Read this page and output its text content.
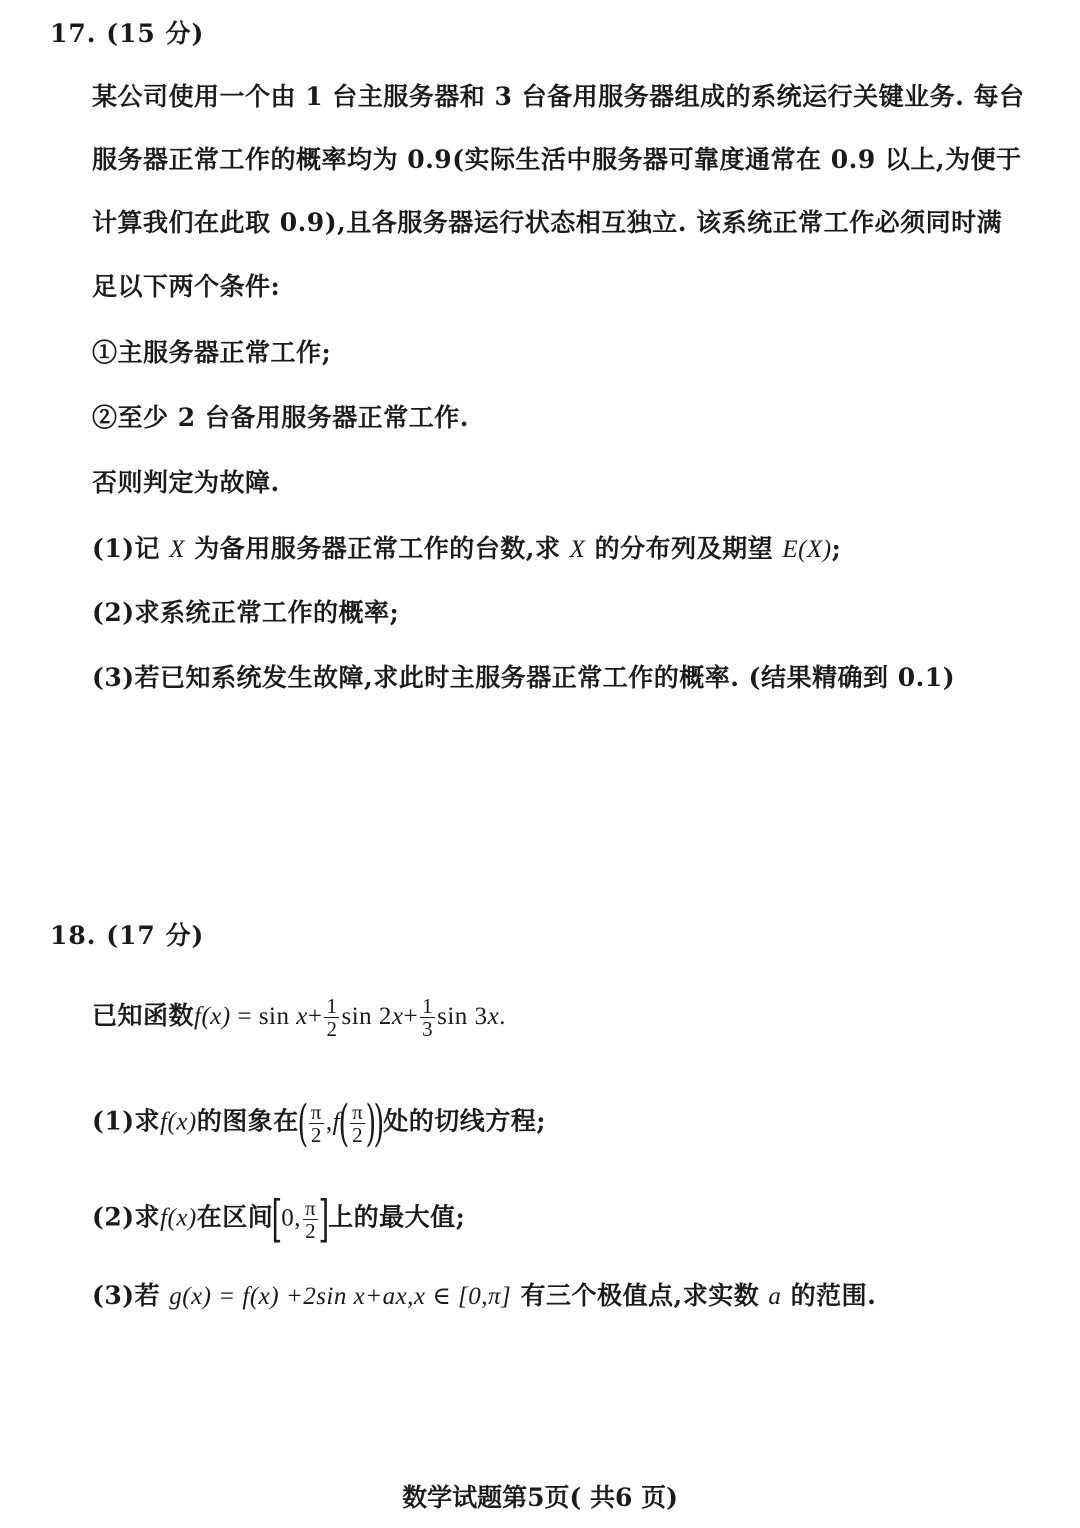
17. (15 分)
某公司使用一个由 1 台主服务器和 3 台备用服务器组成的系统运行关键业务. 每台
服务器正常工作的概率均为 0.9(实际生活中服务器可靠度通常在 0.9 以上,为便于
计算我们在此取 0.9),且各服务器运行状态相互独立. 该系统正常工作必须同时满
足以下两个条件:
①主服务器正常工作;
②至少 2 台备用服务器正常工作.
否则判定为故障.
(1)记 X 为备用服务器正常工作的台数,求 X 的分布列及期望 E(X);
(2)求系统正常工作的概率;
(3)若已知系统发生故障,求此时主服务器正常工作的概率. (结果精确到 0.1)
18. (17 分)
已知函数$f(x) = \sin x+ \frac{1}{2}$ $\sin 2x+ \frac{1}{3}$ sin 3x.
(1)求f(x)的图象在( $\frac{\pi}{2} ,f( \frac{\pi}{2}$ ))处的切线方程;
(2)求f(x)在区间[0, $\frac{\pi}{2}$ ]上的最大值;
(3)若 g(x) = f(x) +2sin x+ax,x ∈ [0,π] 有三个极值点,求实数 a 的范围.
数学试题第5页( 共6 页)
